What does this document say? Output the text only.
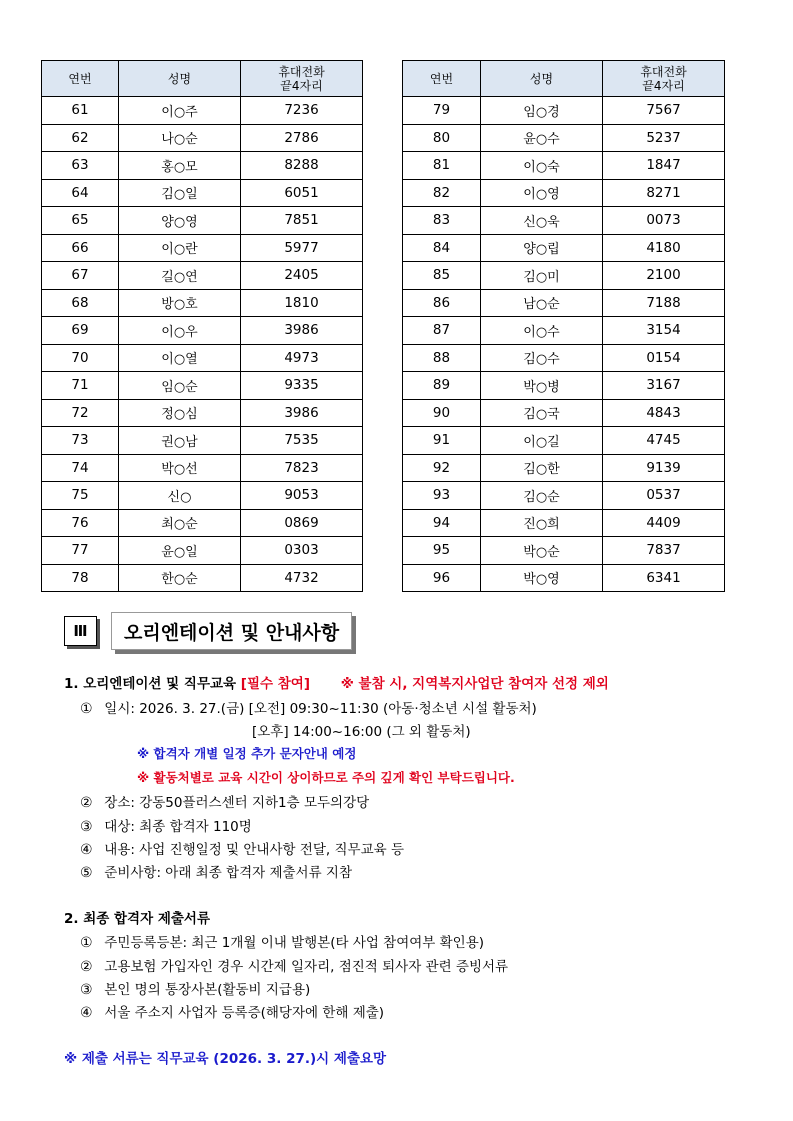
연번	성명	휴대전화
끝4자리
61	이○주	7236
62	나○순	2786
63	홍○모	8288
64	김○일	6051
65	양○영	7851
66	이○란	5977
67	길○연	2405
68	방○호	1810
69	이○우	3986
70	이○열	4973
71	임○순	9335
72	정○심	3986
73	권○남	7535
74	박○선	7823
75	신○	9053
76	최○순	0869
77	윤○일	0303
78	한○순	4732
연번	성명	휴대전화
끝4자리
79	임○경	7567
80	윤○수	5237
81	이○숙	1847
82	이○영	8271
83	신○욱	0073
84	양○립	4180
85	김○미	2100
86	남○순	7188
87	이○수	3154
88	김○수	0154
89	박○병	3167
90	김○국	4843
91	이○길	4745
92	김○한	9139
93	김○순	0537
94	진○희	4409
95	박○순	7837
96	박○영	6341
Ⅲ	오리엔테이션 및 안내사항
1. 오리엔테이션 및 직무교육 [필수 참여] ※ 불참 시, 지역복지사업단 참여자 선정 제외
① 일시: 2026. 3. 27.(금) [오전] 09:30~11:30 (아동·청소년 시설 활동처)
[오후] 14:00~16:00 (그 외 활동처)
※ 합격자 개별 일정 추가 문자안내 예정
※ 활동처별로 교육 시간이 상이하므로 주의 깊게 확인 부탁드립니다.
② 장소: 강동50플러스센터 지하1층 모두의강당
③ 대상: 최종 합격자 110명
④ 내용: 사업 진행일정 및 안내사항 전달, 직무교육 등
⑤ 준비사항: 아래 최종 합격자 제출서류 지참
2. 최종 합격자 제출서류
① 주민등록등본: 최근 1개월 이내 발행본(타 사업 참여여부 확인용)
② 고용보험 가입자인 경우 시간제 일자리, 점진적 퇴사자 관련 증빙서류
③ 본인 명의 통장사본(활동비 지급용)
④ 서울 주소지 사업자 등록증(해당자에 한해 제출)
※ 제출 서류는 직무교육 (2026. 3. 27.)시 제출요망
